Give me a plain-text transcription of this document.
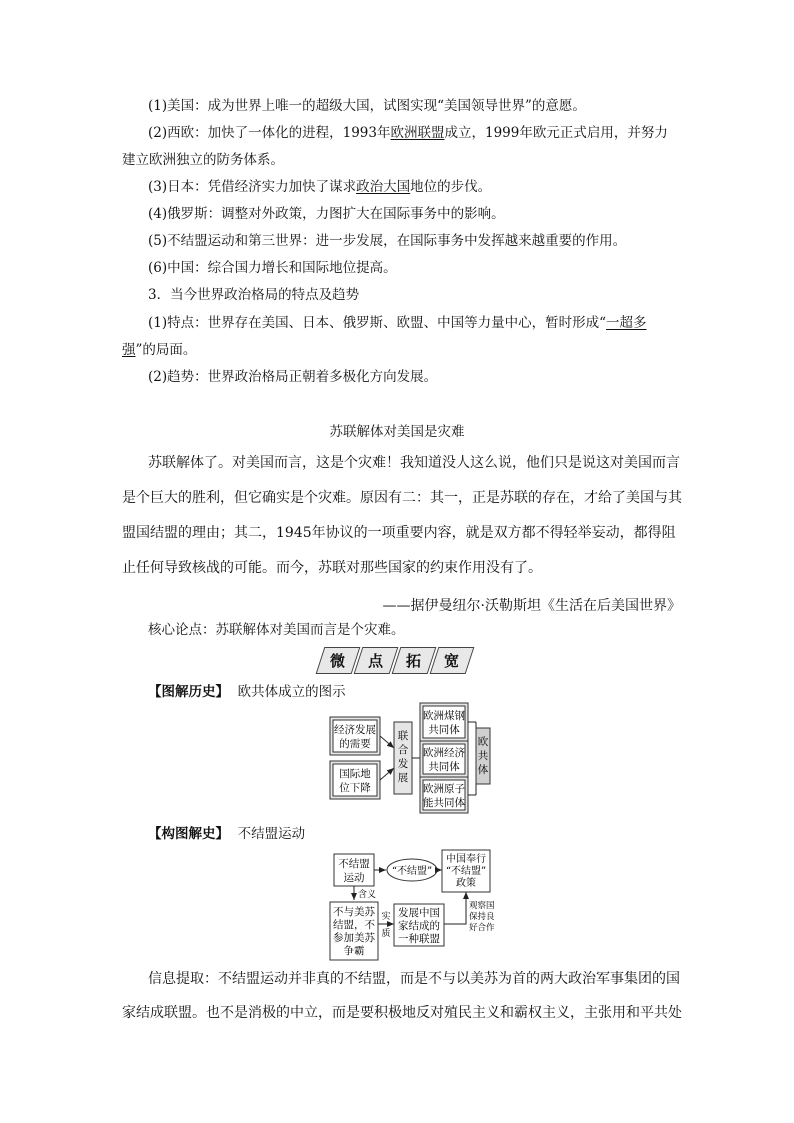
(1)美国：成为世界上唯一的超级大国，试图实现“美国领导世界”的意愿。
(2)西欧：加快了一体化的进程，1993年欧洲联盟成立，1999年欧元正式启用，并努力
建立欧洲独立的防务体系。
(3)日本：凭借经济实力加快了谋求政治大国地位的步伐。
(4)俄罗斯：调整对外政策，力图扩大在国际事务中的影响。
(5)不结盟运动和第三世界：进一步发展，在国际事务中发挥越来越重要的作用。
(6)中国：综合国力增长和国际地位提高。
3．当今世界政治格局的特点及趋势
(1)特点：世界存在美国、日本、俄罗斯、欧盟、中国等力量中心，暂时形成“一超多
强”的局面。
(2)趋势：世界政治格局正朝着多极化方向发展。
苏联解体对美国是灾难
苏联解体了。对美国而言，这是个灾难！我知道没人这么说，他们只是说这对美国而言
是个巨大的胜利，但它确实是个灾难。原因有二：其一，正是苏联的存在，才给了美国与其
盟国结盟的理由；其二，1945年协议的一项重要内容，就是双方都不得轻举妄动，都得阻
止任何导致核战的可能。而今，苏联对那些国家的约束作用没有了。
——据伊曼纽尔·沃勒斯坦《生活在后美国世界》
核心论点：苏联解体对美国而言是个灾难。
微 点 拓 宽
【图解历史】 欧共体成立的图示
经济发展
的需要
国际地
位下降
联
合
发
展
欧洲煤钢
共同体
欧洲经济
共同体
欧洲原子
能共同体
欧
共
体
不结盟
运动
“不结盟”
中国奉行
“不结盟”
政策
含义
不与美苏
结盟，不
参加美苏
争霸
实
质
发展中国
家结成的
一种联盟
观察国
保持良
好合作
【构图解史】 不结盟运动
信息提取：不结盟运动并非真的不结盟，而是不与以美苏为首的两大政治军事集团的国
家结成联盟。也不是消极的中立，而是要积极地反对殖民主义和霸权主义，主张用和平共处
